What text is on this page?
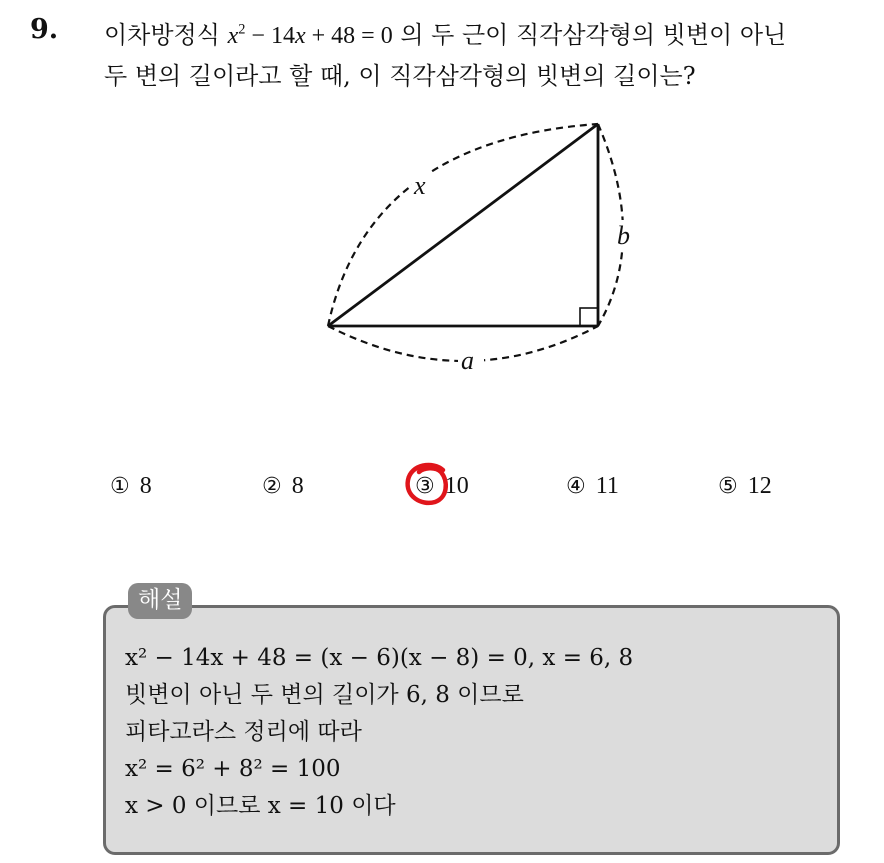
9. 이차방정식 $x^2 - 14x + 48 = 0$ 의 두 근이 직각삼각형의 빗변이 아닌
두 변의 길이라고 할 때, 이 직각삼각형의 빗변의 길이는?
x
b
a
① 8	② 8	③ 10	④ 11	⑤ 12
해설
x² − 14x + 48 = (x − 6)(x − 8) = 0, x = 6, 8
빗변이 아닌 두 변의 길이가 6, 8 이므로
피타고라스 정리에 따라
x² = 6² + 8² = 100
x > 0 이므로 x = 10 이다
